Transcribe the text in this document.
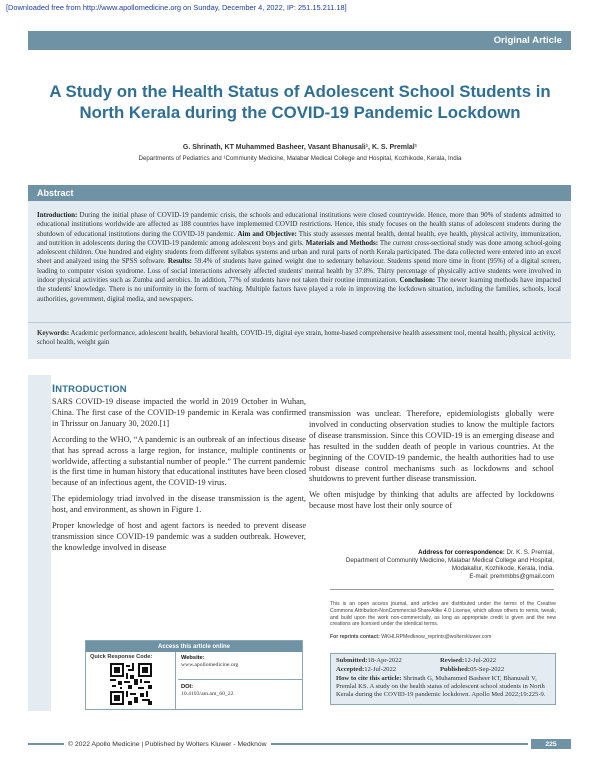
[Downloaded free from http://www.apollomedicine.org on Sunday, December 4, 2022, IP: 251.15.211.18]
Original Article
A Study on the Health Status of Adolescent School Students in North Kerala during the COVID-19 Pandemic Lockdown
G. Shrinath, KT Muhammed Basheer, Vasant Bhanusali¹, K. S. Premlal¹
Departments of Pediatrics and ¹Community Medicine, Malabar Medical College and Hospital, Kozhikode, Kerala, India
Abstract

Introduction: During the initial phase of COVID-19 pandemic crisis, the schools and educational institutions were closed countrywide. Hence, more than 90% of students admitted to educational institutions worldwide are affected as 188 countries have implemented COVID restrictions. Hence, this study focuses on the health status of adolescent students during the shutdown of educational institutions during the COVID-19 pandemic. Aim and Objective: This study assesses mental health, dental health, eye health, physical activity, immunization, and nutrition in adolescents during the COVID-19 pandemic among adolescent boys and girls. Materials and Methods: The current cross-sectional study was done among school-going adolescent children. One hundred and eighty students from different syllabus systems and urban and rural parts of north Kerala participated. The data collected were entered into an excel sheet and analyzed using the SPSS software. Results: 59.4% of students have gained weight due to sedentary behaviour. Students spend more time in front (95%) of a digital screen, leading to computer vision syndrome. Loss of social interactions adversely affected students' mental health by 37.8%. Thirty percentage of physically active students were involved in indoor physical activities such as Zumba and aerobics. In addition, 77% of students have not taken their routine immunization. Conclusion: The newer learning methods have impacted the students' knowledge. There is no uniformity in the form of teaching. Multiple factors have played a role in improving the lockdown situation, including the families, schools, local authorities, government, digital media, and newspapers.

Keywords: Academic performance, adolescent health, behavioral health, COVID-19, digital eye strain, home-based comprehensive health assessment tool, mental health, physical activity, school health, weight gain
INTRODUCTION

SARS COVID-19 disease impacted the world in 2019 October in Wuhan, China. The first case of the COVID-19 pandemic in Kerala was confirmed in Thrissur on January 30, 2020.[1]

According to the WHO, “A pandemic is an outbreak of an infectious disease that has spread across a large region, for instance, multiple continents or worldwide, affecting a substantial number of people.” The current pandemic is the first time in human history that educational institutes have been closed because of an infectious agent, the COVID-19 virus.

The epidemiology triad involved in the disease transmission is the agent, host, and environment, as shown in Figure 1.

Proper knowledge of host and agent factors is needed to prevent disease transmission since COVID-19 pandemic was a sudden outbreak. However, the knowledge involved in disease

transmission was unclear. Therefore, epidemiologists globally were involved in conducting observation studies to know the multiple factors of disease transmission. Since this COVID-19 is an emerging disease and has resulted in the sudden death of people in various countries. At the beginning of the COVID-19 pandemic, the health authorities had to use robust disease control mechanisms such as lockdowns and school shutdowns to prevent further disease transmission.

We often misjudge by thinking that adults are affected by lockdowns because most have lost their only source of

Address for correspondence: Dr. K. S. Premlal,
Department of Community Medicine, Malabar Medical College and Hospital,
Modakallur, Kozhikode, Kerala, India.
E-mail: premmbbs@gmail.com
This is an open access journal, and articles are distributed under the terms of the Creative Commons Attribution-NonCommercial-ShareAlike 4.0 License, which allows others to remix, tweak, and build upon the work non-commercially, as long as appropriate credit is given and the new creations are licensed under the identical terms.
For reprints contact: WKHLRPMedknow_reprints@wolterskluwer.com
Access this article online
Quick Response Code:	Website:
www.apollomedicine.org
DOI:
10.4103/am.am_60_22
Submitted: 18-Apr-2022	Revised: 12-Jul-2022
Accepted: 12-Jul-2022	Published: 05-Sep-2022
How to cite this article: Shrinath G, Muhammed Basheer KT, Bhanusali V, Premlal KS. A study on the health status of adolescent school students in North Kerala during the COVID-19 pandemic lockdown. Apollo Med 2022;19:225-9.
© 2022 Apollo Medicine | Published by Wolters Kluwer - Medknow	225
